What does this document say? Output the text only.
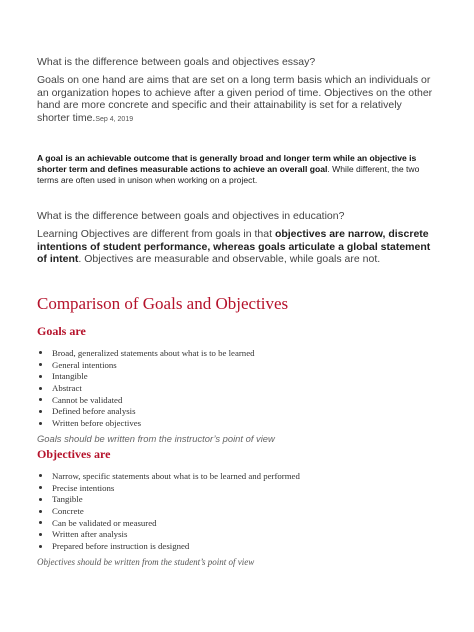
What is the difference between goals and objectives essay?
Goals on one hand are aims that are set on a long term basis which an individuals or an organization hopes to achieve after a given period of time. Objectives on the other hand are more concrete and specific and their attainability is set for a relatively shorter time.Sep 4, 2019
A goal is an achievable outcome that is generally broad and longer term while an objective is shorter term and defines measurable actions to achieve an overall goal. While different, the two terms are often used in unison when working on a project.
What is the difference between goals and objectives in education?
Learning Objectives are different from goals in that objectives are narrow, discrete intentions of student performance, whereas goals articulate a global statement of intent. Objectives are measurable and observable, while goals are not.
Comparison of Goals and Objectives
Goals are
Broad, generalized statements about what is to be learned
General intentions
Intangible
Abstract
Cannot be validated
Defined before analysis
Written before objectives
Goals should be written from the instructor’s point of view
Objectives are
Narrow, specific statements about what is to be learned and performed
Precise intentions
Tangible
Concrete
Can be validated or measured
Written after analysis
Prepared before instruction is designed
Objectives should be written from the student’s point of view
